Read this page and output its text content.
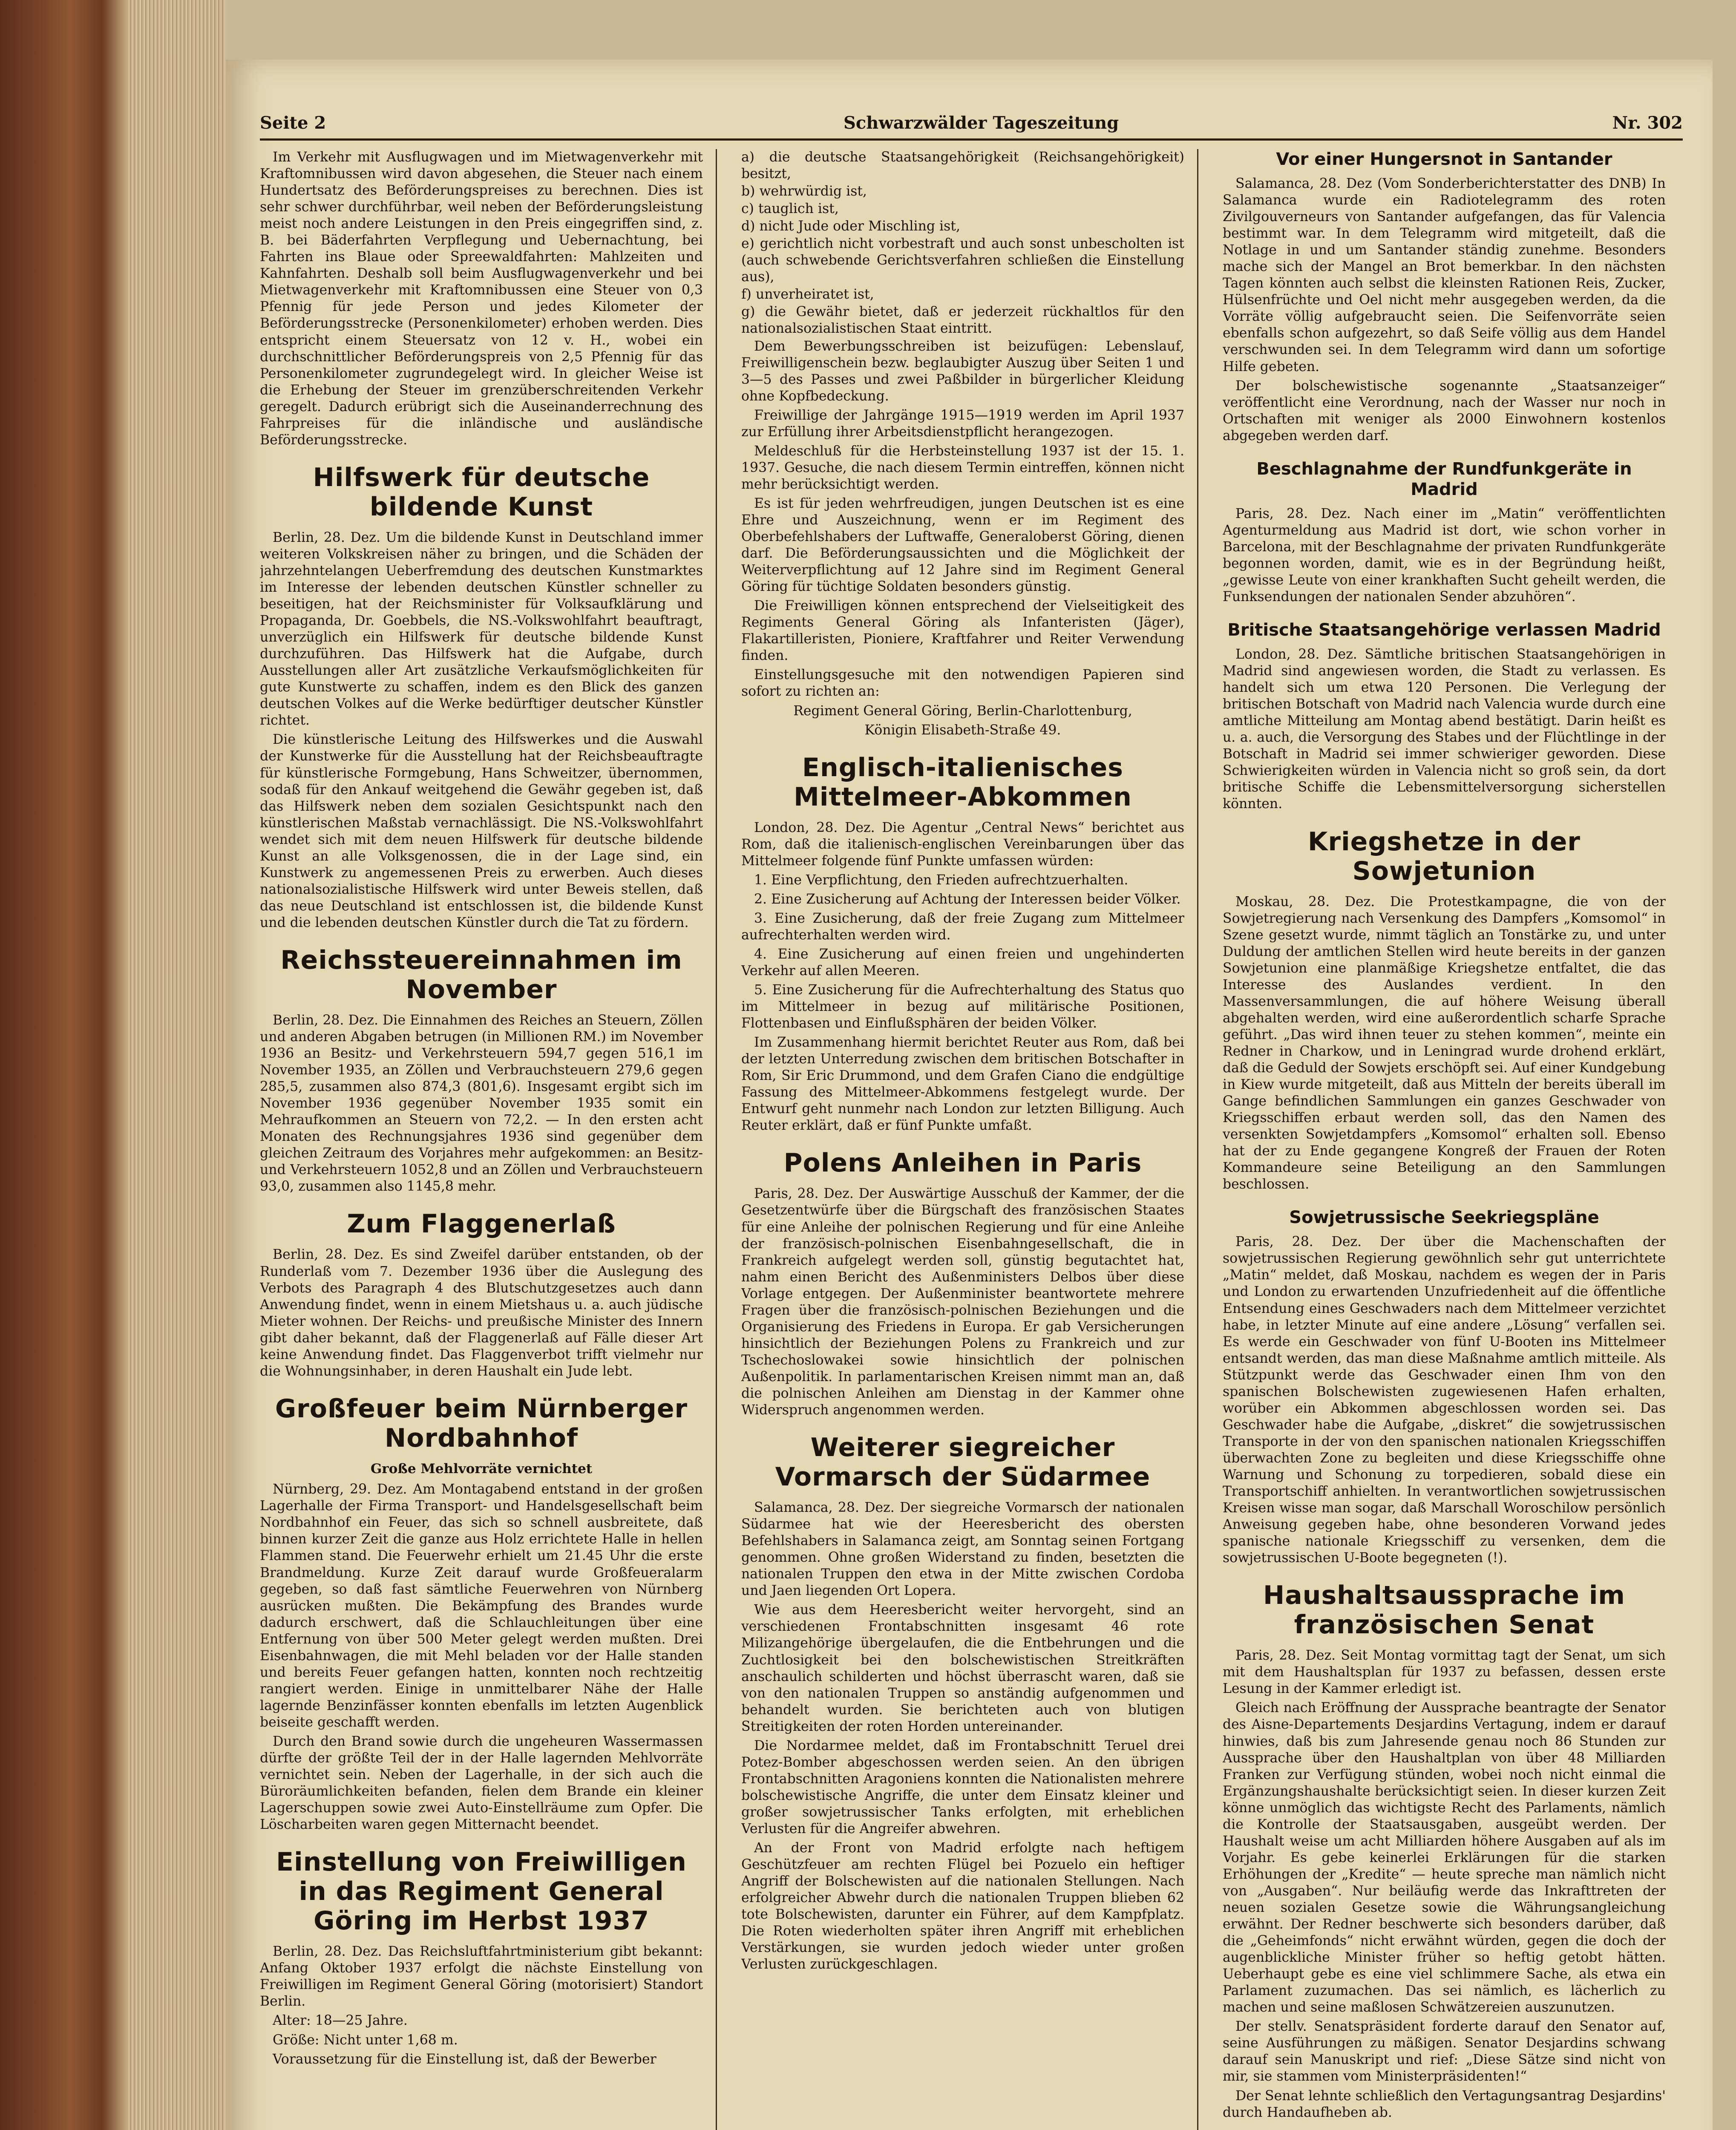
Seite 2	Schwarzwälder Tageszeitung	Nr. 302

Im Verkehr mit Ausflugwagen und im Mietwagenverkehr mit Kraftomnibussen wird davon abgesehen, die Steuer nach einem Hundertsatz des Beförderungspreises zu berechnen. Dies ist sehr schwer durchführbar, weil neben der Beförderungsleistung meist noch andere Leistungen in den Preis eingegriffen sind, z. B. bei Bäderfahrten Verpflegung und Uebernachtung, bei Fahrten ins Blaue oder Spreewaldfahrten: Mahlzeiten und Kahnfahrten. Deshalb soll beim Ausflugwagenverkehr und bei Mietwagenverkehr mit Kraftomnibussen eine Steuer von 0,3 Pfennig für jede Person und jedes Kilometer der Beförderungsstrecke (Personenkilometer) erhoben werden. Dies entspricht einem Steuersatz von 12 v. H., wobei ein durchschnittlicher Beförderungspreis von 2,5 Pfennig für das Personenkilometer zugrundegelegt wird. In gleicher Weise ist die Erhebung der Steuer im grenzüberschreitenden Verkehr geregelt. Dadurch erübrigt sich die Auseinanderrechnung des Fahrpreises für die inländische und ausländische Beförderungsstrecke.

Hilfswerk für deutsche bildende Kunst

Berlin, 28. Dez. Um die bildende Kunst in Deutschland immer weiteren Volkskreisen näher zu bringen, und die Schäden der jahrzehntelangen Ueberfremdung des deutschen Kunstmarktes im Interesse der lebenden deutschen Künstler schneller zu beseitigen, hat der Reichsminister für Volksaufklärung und Propaganda, Dr. Goebbels, die NS.-Volkswohlfahrt beauftragt, unverzüglich ein Hilfswerk für deutsche bildende Kunst durchzuführen. Das Hilfswerk hat die Aufgabe, durch Ausstellungen aller Art zusätzliche Verkaufsmöglichkeiten für gute Kunstwerte zu schaffen, indem es den Blick des ganzen deutschen Volkes auf die Werke bedürftiger deutscher Künstler richtet.

Die künstlerische Leitung des Hilfswerkes und die Auswahl der Kunstwerke für die Ausstellung hat der Reichsbeauftragte für künstlerische Formgebung, Hans Schweitzer, übernommen, sodaß für den Ankauf weitgehend die Gewähr gegeben ist, daß das Hilfswerk neben dem sozialen Gesichtspunkt nach den künstlerischen Maßstab vernachlässigt. Die NS.-Volkswohlfahrt wendet sich mit dem neuen Hilfswerk für deutsche bildende Kunst an alle Volksgenossen, die in der Lage sind, ein Kunstwerk zu angemessenen Preis zu erwerben. Auch dieses nationalsozialistische Hilfswerk wird unter Beweis stellen, daß das neue Deutschland ist entschlossen ist, die bildende Kunst und die lebenden deutschen Künstler durch die Tat zu fördern.

Reichssteuereinnahmen im November

Berlin, 28. Dez. Die Einnahmen des Reiches an Steuern, Zöllen und anderen Abgaben betrugen (in Millionen RM.) im November 1936 an Besitz- und Verkehrsteuern 594,7 gegen 516,1 im November 1935, an Zöllen und Verbrauchsteuern 279,6 gegen 285,5, zusammen also 874,3 (801,6). Insgesamt ergibt sich im November 1936 gegenüber November 1935 somit ein Mehraufkommen an Steuern von 72,2. — In den ersten acht Monaten des Rechnungsjahres 1936 sind gegenüber dem gleichen Zeitraum des Vorjahres mehr aufgekommen: an Besitz- und Verkehrsteuern 1052,8 und an Zöllen und Verbrauchsteuern 93,0, zusammen also 1145,8 mehr.

Zum Flaggenerlaß

Berlin, 28. Dez. Es sind Zweifel darüber entstanden, ob der Runderlaß vom 7. Dezember 1936 über die Auslegung des Verbots des Paragraph 4 des Blutschutzgesetzes auch dann Anwendung findet, wenn in einem Mietshaus u. a. auch jüdische Mieter wohnen. Der Reichs- und preußische Minister des Innern gibt daher bekannt, daß der Flaggenerlaß auf Fälle dieser Art keine Anwendung findet. Das Flaggenverbot trifft vielmehr nur die Wohnungsinhaber, in deren Haushalt ein Jude lebt.

Großfeuer beim Nürnberger Nordbahnhof

Große Mehlvorräte vernichtet

Nürnberg, 29. Dez. Am Montagabend entstand in der großen Lagerhalle der Firma Transport- und Handelsgesellschaft beim Nordbahnhof ein Feuer, das sich so schnell ausbreitete, daß binnen kurzer Zeit die ganze aus Holz errichtete Halle in hellen Flammen stand. Die Feuerwehr erhielt um 21.45 Uhr die erste Brandmeldung. Kurze Zeit darauf wurde Großfeueralarm gegeben, so daß fast sämtliche Feuerwehren von Nürnberg ausrücken mußten. Die Bekämpfung des Brandes wurde dadurch erschwert, daß die Schlauchleitungen über eine Entfernung von über 500 Meter gelegt werden mußten. Drei Eisenbahnwagen, die mit Mehl beladen vor der Halle standen und bereits Feuer gefangen hatten, konnten noch rechtzeitig rangiert werden. Einige in unmittelbarer Nähe der Halle lagernde Benzinfässer konnten ebenfalls im letzten Augenblick beiseite geschafft werden.

Durch den Brand sowie durch die ungeheuren Wassermassen dürfte der größte Teil der in der Halle lagernden Mehlvorräte vernichtet sein. Neben der Lagerhalle, in der sich auch die Büroräumlichkeiten befanden, fielen dem Brande ein kleiner Lagerschuppen sowie zwei Auto-Einstellräume zum Opfer. Die Löscharbeiten waren gegen Mitternacht beendet.

Einstellung von Freiwilligen in das Regiment General Göring im Herbst 1937

Berlin, 28. Dez. Das Reichsluftfahrtministerium gibt bekannt: Anfang Oktober 1937 erfolgt die nächste Einstellung von Freiwilligen im Regiment General Göring (motorisiert) Standort Berlin.

Alter: 18—25 Jahre.

Größe: Nicht unter 1,68 m.

Voraussetzung für die Einstellung ist, daß der Bewerber

a) die deutsche Staatsangehörigkeit (Reichsangehörigkeit) besitzt,

b) wehrwürdig ist,

c) tauglich ist,

d) nicht Jude oder Mischling ist,

e) gerichtlich nicht vorbestraft und auch sonst unbescholten ist (auch schwebende Gerichtsverfahren schließen die Einstellung aus),

f) unverheiratet ist,

g) die Gewähr bietet, daß er jederzeit rückhaltlos für den nationalsozialistischen Staat eintritt.

Dem Bewerbungsschreiben ist beizufügen: Lebenslauf, Freiwilligenschein bezw. beglaubigter Auszug über Seiten 1 und 3—5 des Passes und zwei Paßbilder in bürgerlicher Kleidung ohne Kopfbedeckung.

Freiwillige der Jahrgänge 1915—1919 werden im April 1937 zur Erfüllung ihrer Arbeitsdienstpflicht herangezogen.

Meldeschluß für die Herbsteinstellung 1937 ist der 15. 1. 1937. Gesuche, die nach diesem Termin eintreffen, können nicht mehr berücksichtigt werden.

Es ist für jeden wehrfreudigen, jungen Deutschen ist es eine Ehre und Auszeichnung, wenn er im Regiment des Oberbefehlshabers der Luftwaffe, Generaloberst Göring, dienen darf. Die Beförderungsaussichten und die Möglichkeit der Weiterverpflichtung auf 12 Jahre sind im Regiment General Göring für tüchtige Soldaten besonders günstig.

Die Freiwilligen können entsprechend der Vielseitigkeit des Regiments General Göring als Infanteristen (Jäger), Flakartilleristen, Pioniere, Kraftfahrer und Reiter Verwendung finden.

Einstellungsgesuche mit den notwendigen Papieren sind sofort zu richten an:

Regiment General Göring, Berlin-Charlottenburg,

Königin Elisabeth-Straße 49.

Englisch-italienisches Mittelmeer-Abkommen

London, 28. Dez. Die Agentur „Central News“ berichtet aus Rom, daß die italienisch-englischen Vereinbarungen über das Mittelmeer folgende fünf Punkte umfassen würden:

1. Eine Verpflichtung, den Frieden aufrechtzuerhalten.

2. Eine Zusicherung auf Achtung der Interessen beider Völker.

3. Eine Zusicherung, daß der freie Zugang zum Mittelmeer aufrechterhalten werden wird.

4. Eine Zusicherung auf einen freien und ungehinderten Verkehr auf allen Meeren.

5. Eine Zusicherung für die Aufrechterhaltung des Status quo im Mittelmeer in bezug auf militärische Positionen, Flottenbasen und Einflußsphären der beiden Völker.

Im Zusammenhang hiermit berichtet Reuter aus Rom, daß bei der letzten Unterredung zwischen dem britischen Botschafter in Rom, Sir Eric Drummond, und dem Grafen Ciano die endgültige Fassung des Mittelmeer-Abkommens festgelegt wurde. Der Entwurf geht nunmehr nach London zur letzten Billigung. Auch Reuter erklärt, daß er fünf Punkte umfaßt.

Polens Anleihen in Paris

Paris, 28. Dez. Der Auswärtige Ausschuß der Kammer, der die Gesetzentwürfe über die Bürgschaft des französischen Staates für eine Anleihe der polnischen Regierung und für eine Anleihe der französisch-polnischen Eisenbahngesellschaft, die in Frankreich aufgelegt werden soll, günstig begutachtet hat, nahm einen Bericht des Außenministers Delbos über diese Vorlage entgegen. Der Außenminister beantwortete mehrere Fragen über die französisch-polnischen Beziehungen und die Organisierung des Friedens in Europa. Er gab Versicherungen hinsichtlich der Beziehungen Polens zu Frankreich und zur Tschechoslowakei sowie hinsichtlich der polnischen Außenpolitik. In parlamentarischen Kreisen nimmt man an, daß die polnischen Anleihen am Dienstag in der Kammer ohne Widerspruch angenommen werden.

Weiterer siegreicher Vormarsch der Südarmee

Salamanca, 28. Dez. Der siegreiche Vormarsch der nationalen Südarmee hat wie der Heeresbericht des obersten Befehlshabers in Salamanca zeigt, am Sonntag seinen Fortgang genommen. Ohne großen Widerstand zu finden, besetzten die nationalen Truppen den etwa in der Mitte zwischen Cordoba und Jaen liegenden Ort Lopera.

Wie aus dem Heeresbericht weiter hervorgeht, sind an verschiedenen Frontabschnitten insgesamt 46 rote Milizangehörige übergelaufen, die die Entbehrungen und die Zuchtlosigkeit bei den bolschewistischen Streitkräften anschaulich schilderten und höchst überrascht waren, daß sie von den nationalen Truppen so anständig aufgenommen und behandelt wurden. Sie berichteten auch von blutigen Streitigkeiten der roten Horden untereinander.

Die Nordarmee meldet, daß im Frontabschnitt Teruel drei Potez-Bomber abgeschossen werden seien. An den übrigen Frontabschnitten Aragoniens konnten die Nationalisten mehrere bolschewistische Angriffe, die unter dem Einsatz kleiner und großer sowjetrussischer Tanks erfolgten, mit erheblichen Verlusten für die Angreifer abwehren.

An der Front von Madrid erfolgte nach heftigem Geschützfeuer am rechten Flügel bei Pozuelo ein heftiger Angriff der Bolschewisten auf die nationalen Stellungen. Nach erfolgreicher Abwehr durch die nationalen Truppen blieben 62 tote Bolschewisten, darunter ein Führer, auf dem Kampfplatz. Die Roten wiederholten später ihren Angriff mit erheblichen Verstärkungen, sie wurden jedoch wieder unter großen Verlusten zurückgeschlagen.

Vor einer Hungersnot in Santander

Salamanca, 28. Dez (Vom Sonderberichterstatter des DNB) In Salamanca wurde ein Radiotelegramm des roten Zivilgouverneurs von Santander aufgefangen, das für Valencia bestimmt war. In dem Telegramm wird mitgeteilt, daß die Notlage in und um Santander ständig zunehme. Besonders mache sich der Mangel an Brot bemerkbar. In den nächsten Tagen könnten auch selbst die kleinsten Rationen Reis, Zucker, Hülsenfrüchte und Oel nicht mehr ausgegeben werden, da die Vorräte völlig aufgebraucht seien. Die Seifenvorräte seien ebenfalls schon aufgezehrt, so daß Seife völlig aus dem Handel verschwunden sei. In dem Telegramm wird dann um sofortige Hilfe gebeten.

Der bolschewistische sogenannte „Staatsanzeiger“ veröffentlicht eine Verordnung, nach der Wasser nur noch in Ortschaften mit weniger als 2000 Einwohnern kostenlos abgegeben werden darf.

Beschlagnahme der Rundfunkgeräte in Madrid

Paris, 28. Dez. Nach einer im „Matin“ veröffentlichten Agenturmeldung aus Madrid ist dort, wie schon vorher in Barcelona, mit der Beschlagnahme der privaten Rundfunkgeräte begonnen worden, damit, wie es in der Begründung heißt, „gewisse Leute von einer krankhaften Sucht geheilt werden, die Funksendungen der nationalen Sender abzuhören“.

Britische Staatsangehörige verlassen Madrid

London, 28. Dez. Sämtliche britischen Staatsangehörigen in Madrid sind angewiesen worden, die Stadt zu verlassen. Es handelt sich um etwa 120 Personen. Die Verlegung der britischen Botschaft von Madrid nach Valencia wurde durch eine amtliche Mitteilung am Montag abend bestätigt. Darin heißt es u. a. auch, die Versorgung des Stabes und der Flüchtlinge in der Botschaft in Madrid sei immer schwieriger geworden. Diese Schwierigkeiten würden in Valencia nicht so groß sein, da dort britische Schiffe die Lebensmittelversorgung sicherstellen könnten.

Kriegshetze in der Sowjetunion

Moskau, 28. Dez. Die Protestkampagne, die von der Sowjetregierung nach Versenkung des Dampfers „Komsomol“ in Szene gesetzt wurde, nimmt täglich an Tonstärke zu, und unter Duldung der amtlichen Stellen wird heute bereits in der ganzen Sowjetunion eine planmäßige Kriegshetze entfaltet, die das Interesse des Auslandes verdient. In den Massenversammlungen, die auf höhere Weisung überall abgehalten werden, wird eine außerordentlich scharfe Sprache geführt. „Das wird ihnen teuer zu stehen kommen“, meinte ein Redner in Charkow, und in Leningrad wurde drohend erklärt, daß die Geduld der Sowjets erschöpft sei. Auf einer Kundgebung in Kiew wurde mitgeteilt, daß aus Mitteln der bereits überall im Gange befindlichen Sammlungen ein ganzes Geschwader von Kriegsschiffen erbaut werden soll, das den Namen des versenkten Sowjetdampfers „Komsomol“ erhalten soll. Ebenso hat der zu Ende gegangene Kongreß der Frauen der Roten Kommandeure seine Beteiligung an den Sammlungen beschlossen.

Sowjetrussische Seekriegspläne

Paris, 28. Dez. Der über die Machenschaften der sowjetrussischen Regierung gewöhnlich sehr gut unterrichtete „Matin“ meldet, daß Moskau, nachdem es wegen der in Paris und London zu erwartenden Unzufriedenheit auf die öffentliche Entsendung eines Geschwaders nach dem Mittelmeer verzichtet habe, in letzter Minute auf eine andere „Lösung“ verfallen sei. Es werde ein Geschwader von fünf U-Booten ins Mittelmeer entsandt werden, das man diese Maßnahme amtlich mitteile. Als Stützpunkt werde das Geschwader einen Ihm von den spanischen Bolschewisten zugewiesenen Hafen erhalten, worüber ein Abkommen abgeschlossen worden sei. Das Geschwader habe die Aufgabe, „diskret“ die sowjetrussischen Transporte in der von den spanischen nationalen Kriegsschiffen überwachten Zone zu begleiten und diese Kriegsschiffe ohne Warnung und Schonung zu torpedieren, sobald diese ein Transportschiff anhielten. In verantwortlichen sowjetrussischen Kreisen wisse man sogar, daß Marschall Woroschilow persönlich Anweisung gegeben habe, ohne besonderen Vorwand jedes spanische nationale Kriegsschiff zu versenken, dem die sowjetrussischen U-Boote begegneten (!).

Haushaltsaussprache im französischen Senat

Paris, 28. Dez. Seit Montag vormittag tagt der Senat, um sich mit dem Haushaltsplan für 1937 zu befassen, dessen erste Lesung in der Kammer erledigt ist.

Gleich nach Eröffnung der Aussprache beantragte der Senator des Aisne-Departements Desjardins Vertagung, indem er darauf hinwies, daß bis zum Jahresende genau noch 86 Stunden zur Aussprache über den Haushaltplan von über 48 Milliarden Franken zur Verfügung stünden, wobei noch nicht einmal die Ergänzungshaushalte berücksichtigt seien. In dieser kurzen Zeit könne unmöglich das wichtigste Recht des Parlaments, nämlich die Kontrolle der Staatsausgaben, ausgeübt werden. Der Haushalt weise um acht Milliarden höhere Ausgaben auf als im Vorjahr. Es gebe keinerlei Erklärungen für die starken Erhöhungen der „Kredite“ — heute spreche man nämlich nicht von „Ausgaben“. Nur beiläufig werde das Inkrafttreten der neuen sozialen Gesetze sowie die Währungsangleichung erwähnt. Der Redner beschwerte sich besonders darüber, daß die „Geheimfonds“ nicht erwähnt würden, gegen die doch der augenblickliche Minister früher so heftig getobt hätten. Ueberhaupt gebe es eine viel schlimmere Sache, als etwa ein Parlament zuzumachen. Das sei nämlich, es lächerlich zu machen und seine maßlosen Schwätzereien auszunutzen.

Der stellv. Senatspräsident forderte darauf den Senator auf, seine Ausführungen zu mäßigen. Senator Desjardins schwang darauf sein Manuskript und rief: „Diese Sätze sind nicht von mir, sie stammen vom Ministerpräsidenten!“

Der Senat lehnte schließlich den Vertagungsantrag Desjardins' durch Handaufheben ab.
